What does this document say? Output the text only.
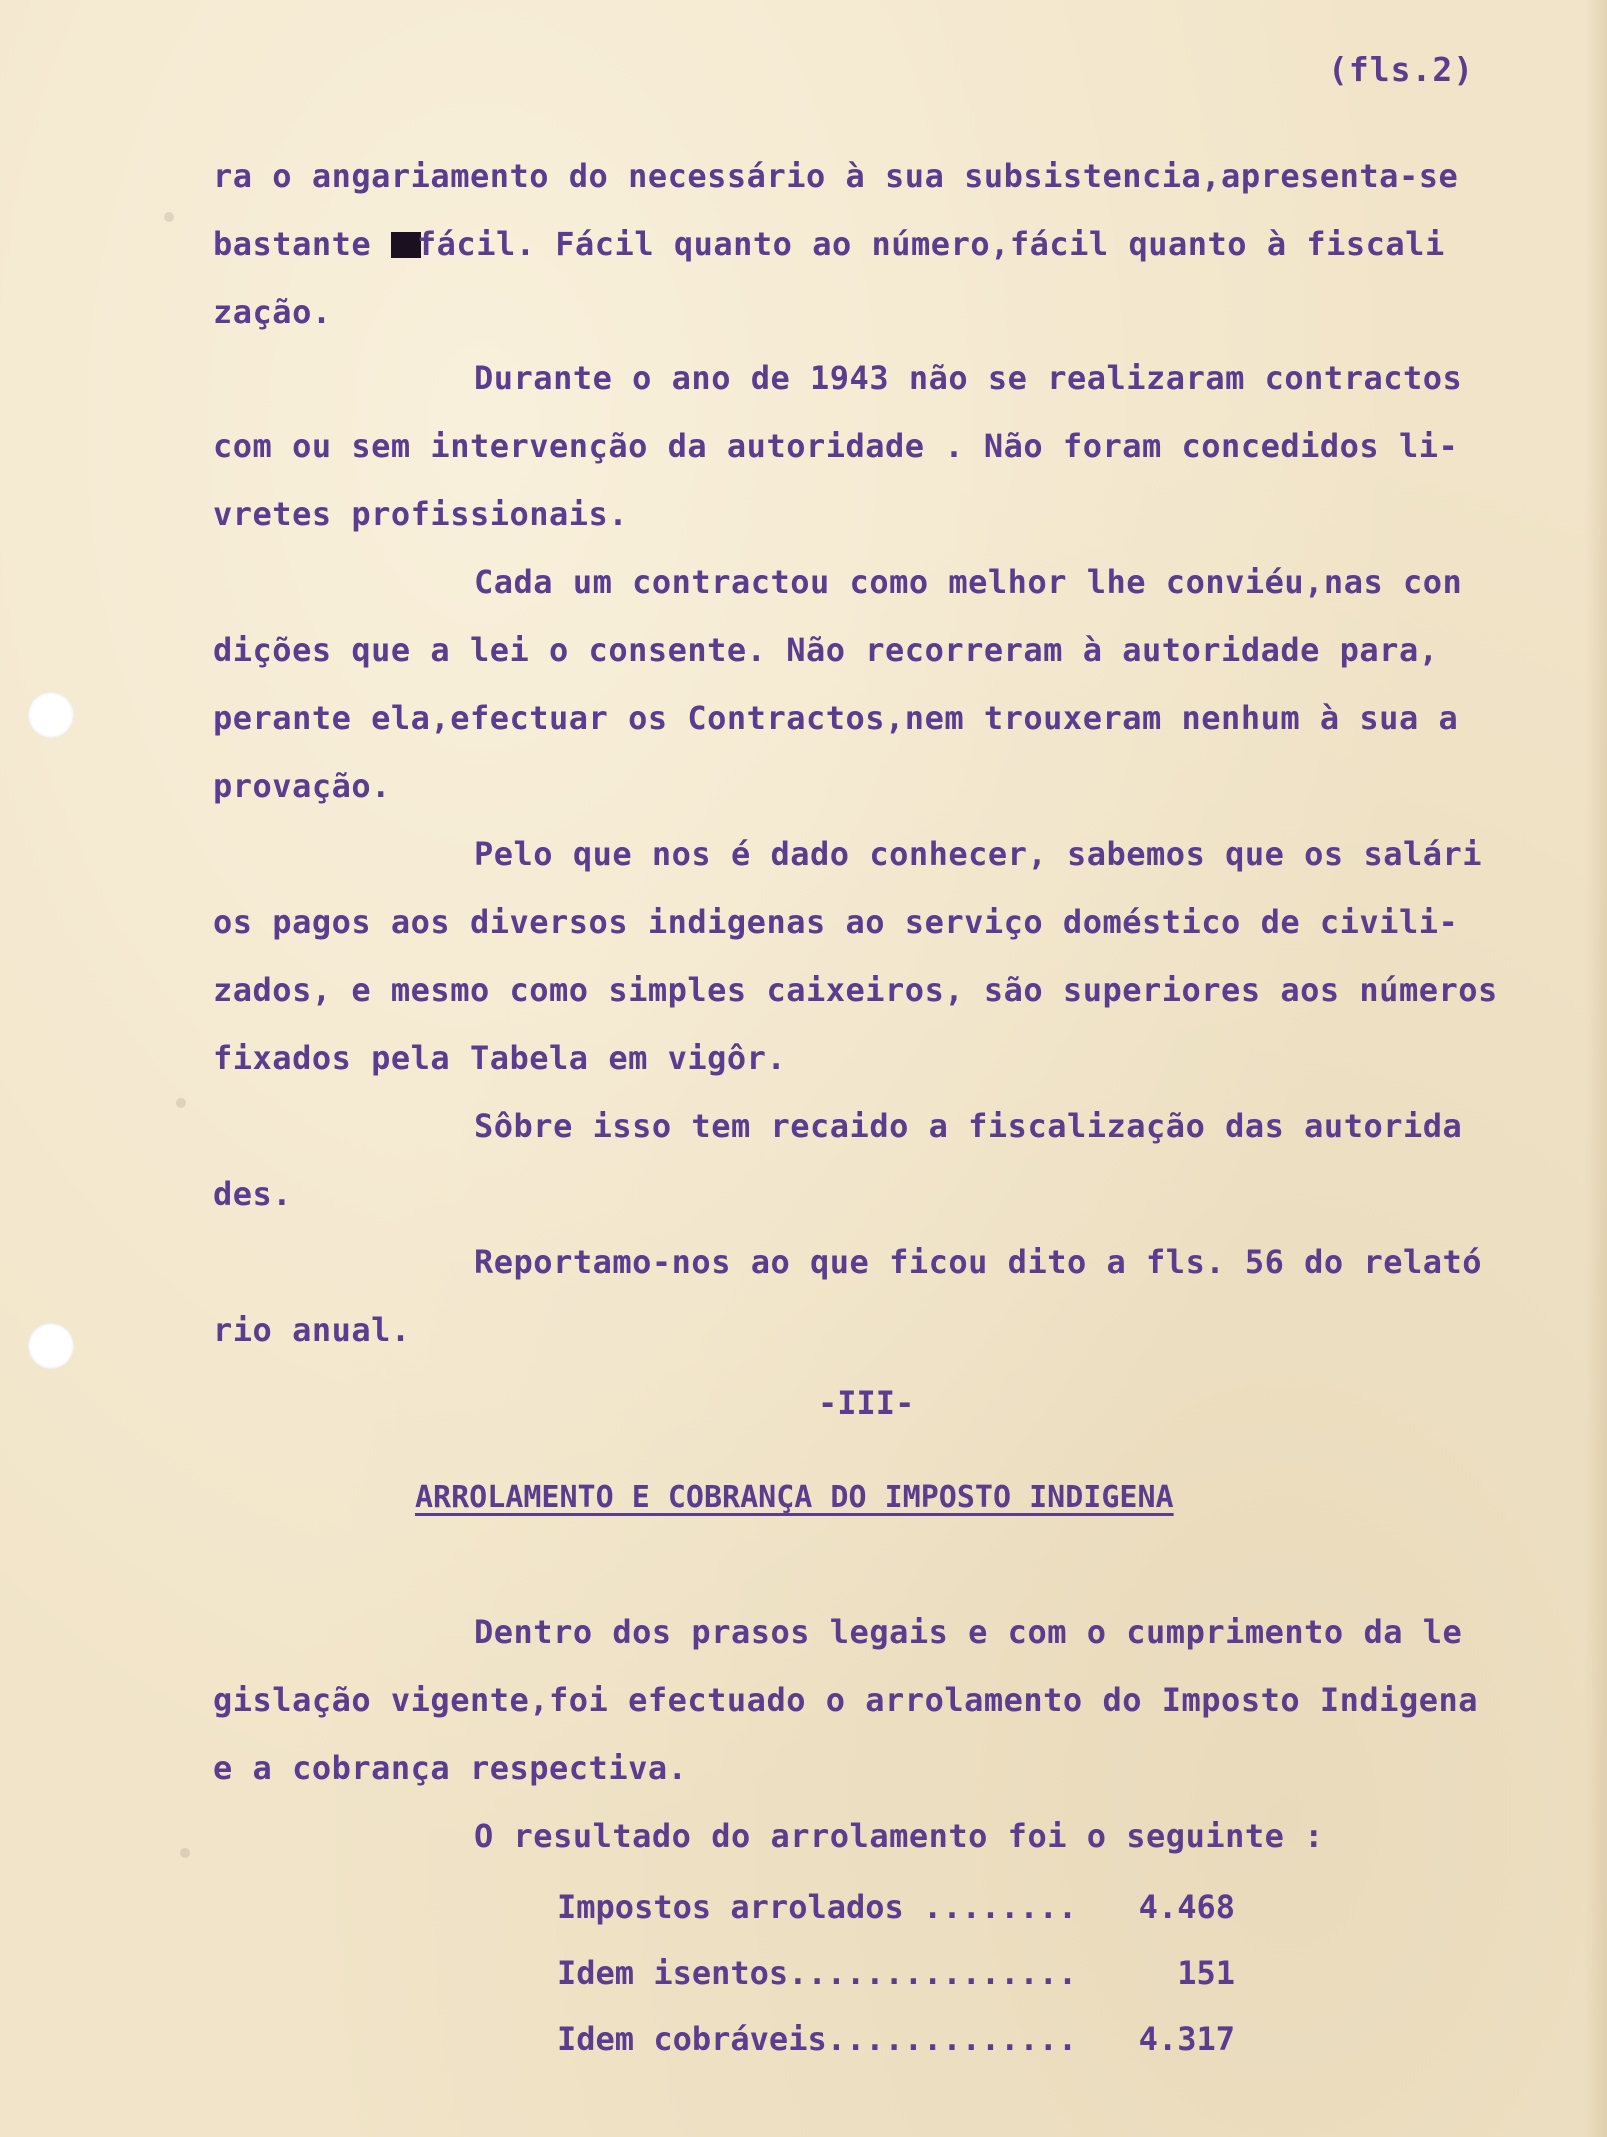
(fls.2)
ra o angariamento do necessário à sua subsistencia,apresenta-se
bastante fácil. Fácil quanto ao número,fácil quanto à fiscali
zação.
Durante o ano de 1943 não se realizaram contractos
com ou sem intervenção da autoridade . Não foram concedidos li-
vretes profissionais.
Cada um contractou como melhor lhe conviéu,nas con
dições que a lei o consente. Não recorreram à autoridade para,
perante ela,efectuar os Contractos,nem trouxeram nenhum à sua a
provação.
Pelo que nos é dado conhecer, sabemos que os salári
os pagos aos diversos indigenas ao serviço doméstico de civili-
zados, e mesmo como simples caixeiros, são superiores aos números
fixados pela Tabela em vigôr.
Sôbre isso tem recaido a fiscalização das autorida
des.
Reportamo-nos ao que ficou dito a fls. 56 do relató
rio anual.
-III-
ARROLAMENTO E COBRANÇA DO IMPOSTO INDIGENA
Dentro dos prasos legais e com o cumprimento da le
gislação vigente,foi efectuado o arrolamento do Imposto Indigena
e a cobrança respectiva.
O resultado do arrolamento foi o seguinte :
Impostos arrolados ........	4.468
Idem isentos...............	151
Idem cobráveis.............	4.317
